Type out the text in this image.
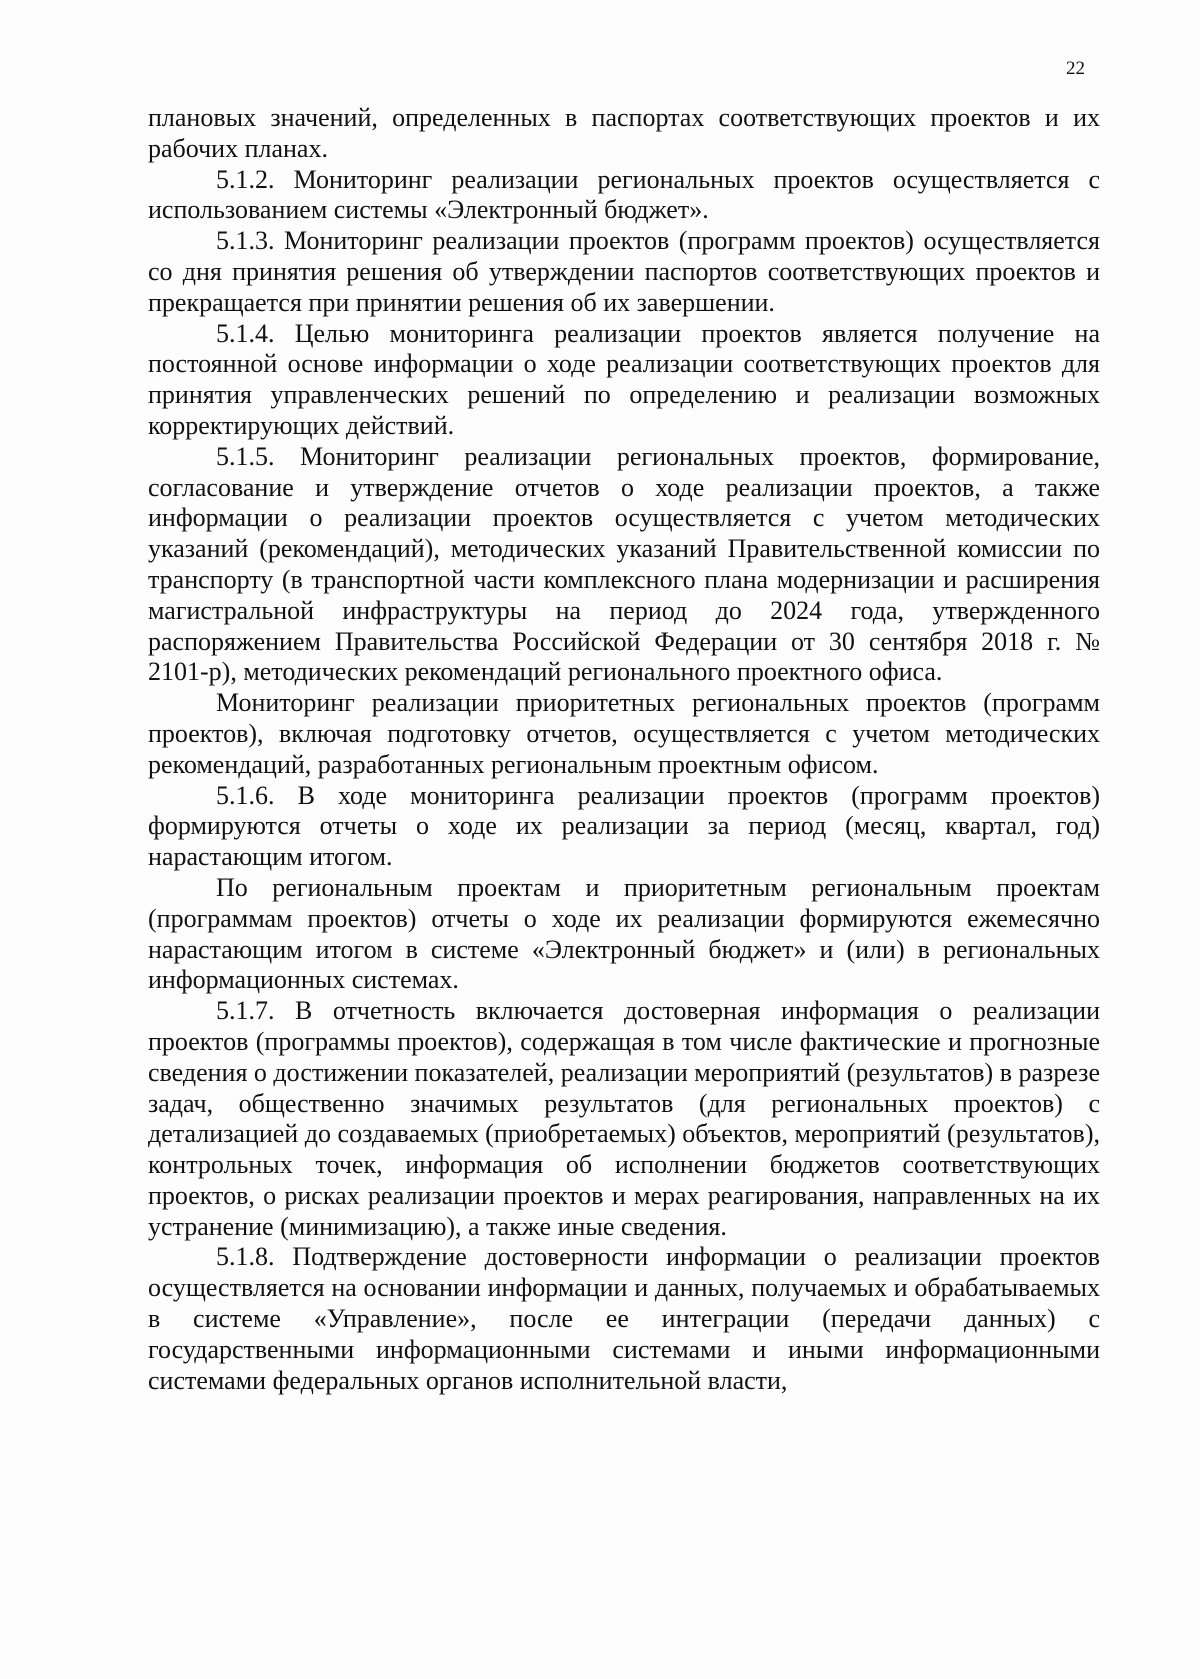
22

плановых значений, определенных в паспортах соответствующих проектов и их рабочих планах.

5.1.2. Мониторинг реализации региональных проектов осуществляется с использованием системы «Электронный бюджет».

5.1.3. Мониторинг реализации проектов (программ проектов) осуществляется со дня принятия решения об утверждении паспортов соответствующих проектов и прекращается при принятии решения об их завершении.

5.1.4. Целью мониторинга реализации проектов является получение на постоянной основе информации о ходе реализации соответствующих проектов для принятия управленческих решений по определению и реализации возможных корректирующих действий.

5.1.5. Мониторинг реализации региональных проектов, формирование, согласование и утверждение отчетов о ходе реализации проектов, а также информации о реализации проектов осуществляется с учетом методических указаний (рекомендаций), методических указаний Правительственной комиссии по транспорту (в транспортной части комплексного плана модернизации и расширения магистральной инфраструктуры на период до 2024 года, утвержденного распоряжением Правительства Российской Федерации от 30 сентября 2018 г. № 2101-р), методических рекомендаций регионального проектного офиса.

Мониторинг реализации приоритетных региональных проектов (программ проектов), включая подготовку отчетов, осуществляется с учетом методических рекомендаций, разработанных региональным проектным офисом.

5.1.6. В ходе мониторинга реализации проектов (программ проектов) формируются отчеты о ходе их реализации за период (месяц, квартал, год) нарастающим итогом.

По региональным проектам и приоритетным региональным проектам (программам проектов) отчеты о ходе их реализации формируются ежемесячно нарастающим итогом в системе «Электронный бюджет» и (или) в региональных информационных системах.

5.1.7. В отчетность включается достоверная информация о реализации проектов (программы проектов), содержащая в том числе фактические и прогнозные сведения о достижении показателей, реализации мероприятий (результатов) в разрезе задач, общественно значимых результатов (для региональных проектов) с детализацией до создаваемых (приобретаемых) объектов, мероприятий (результатов), контрольных точек, информация об исполнении бюджетов соответствующих проектов, о рисках реализации проектов и мерах реагирования, направленных на их устранение (минимизацию), а также иные сведения.

5.1.8. Подтверждение достоверности информации о реализации проектов осуществляется на основании информации и данных, получаемых и обрабатываемых в системе «Управление», после ее интеграции (передачи данных) с государственными информационными системами и иными информационными системами федеральных органов исполнительной власти,
